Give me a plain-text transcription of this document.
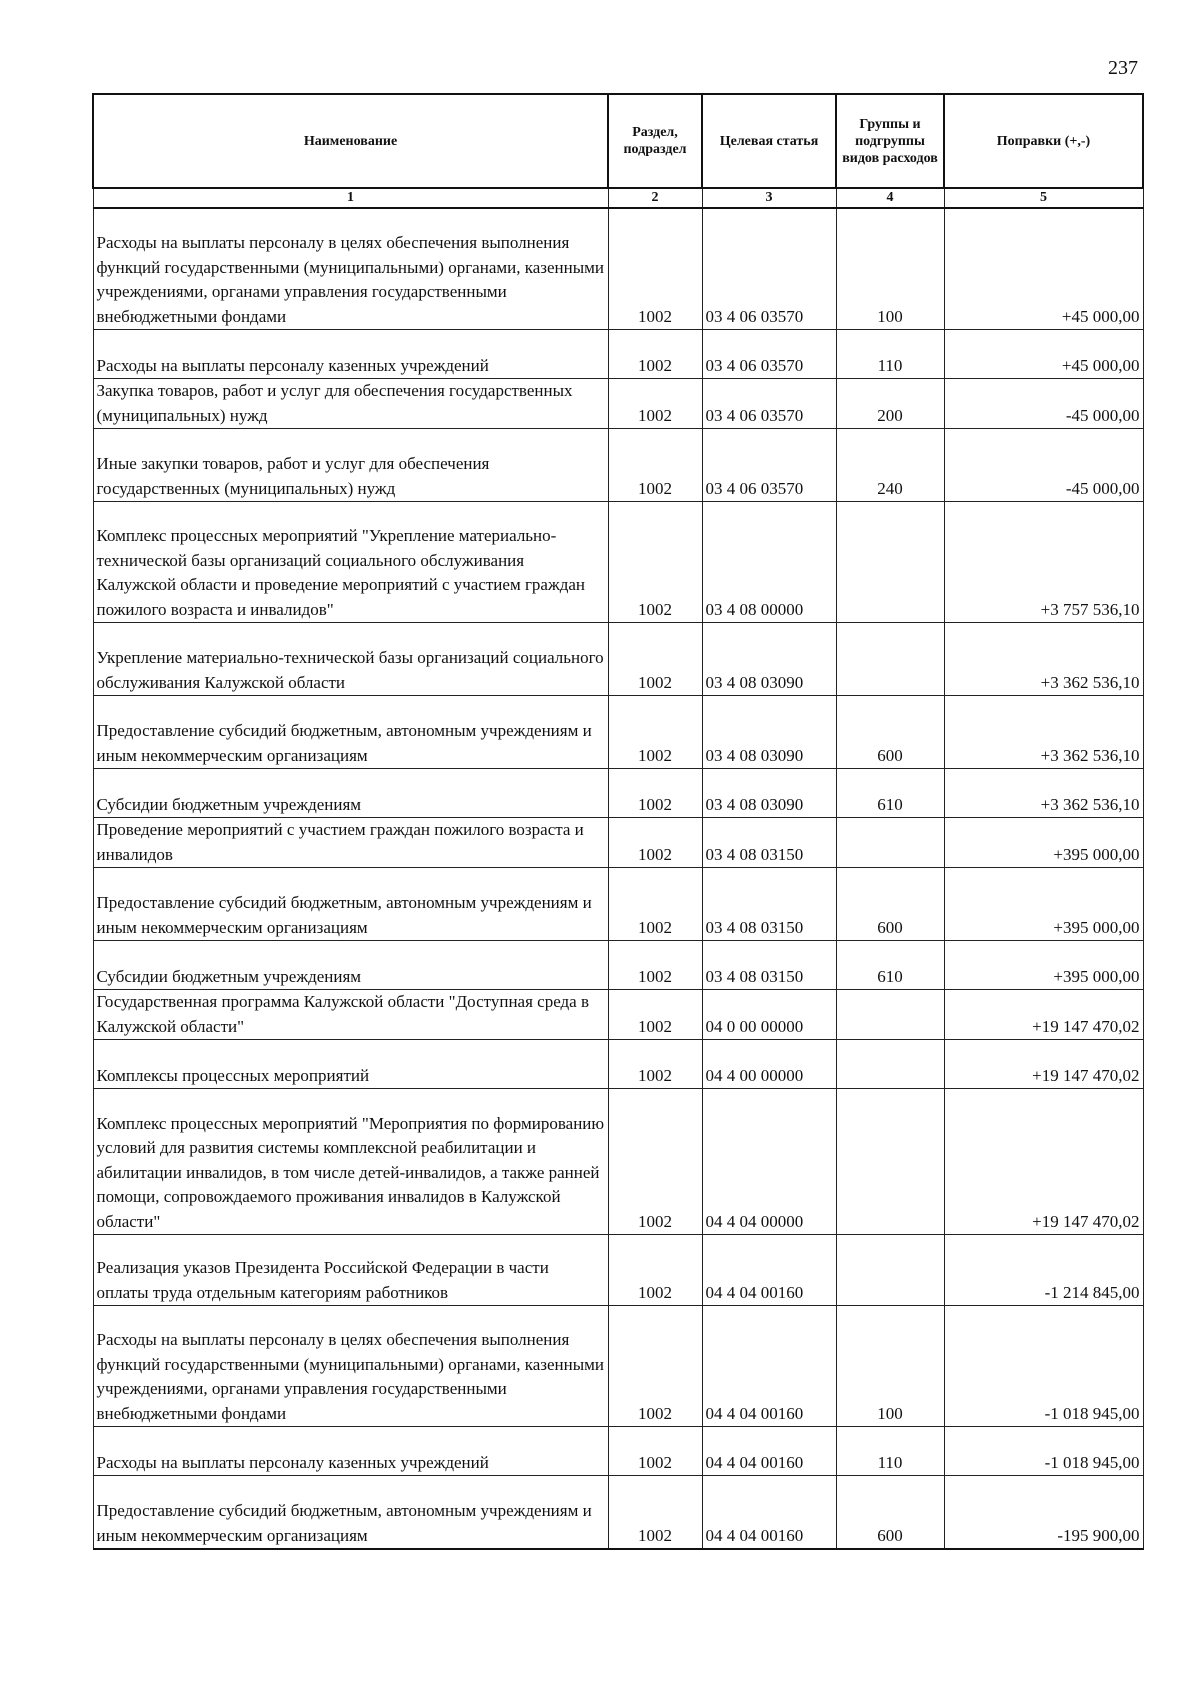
237
Наименование	Раздел, подраздел	Целевая статья	Группы и подгруппы видов расходов	Поправки (+,-)
1	2	3	4	5
Расходы на выплаты персоналу в целях обеспечения выполнения функций государственными (муниципальными) органами, казенными учреждениями, органами управления государственными внебюджетными фондами	1002	03 4 06 03570	100	+45 000,00
Расходы на выплаты персоналу казенных учреждений	1002	03 4 06 03570	110	+45 000,00
Закупка товаров, работ и услуг для обеспечения государственных (муниципальных) нужд	1002	03 4 06 03570	200	-45 000,00
Иные закупки товаров, работ и услуг для обеспечения государственных (муниципальных) нужд	1002	03 4 06 03570	240	-45 000,00
Комплекс процессных мероприятий "Укрепление материально-технической базы организаций социального обслуживания Калужской области и проведение мероприятий с участием граждан пожилого возраста и инвалидов"	1002	03 4 08 00000		+3 757 536,10
Укрепление материально-технической базы организаций социального обслуживания Калужской области	1002	03 4 08 03090		+3 362 536,10
Предоставление субсидий бюджетным, автономным учреждениям и иным некоммерческим организациям	1002	03 4 08 03090	600	+3 362 536,10
Субсидии бюджетным учреждениям	1002	03 4 08 03090	610	+3 362 536,10
Проведение мероприятий с участием граждан пожилого возраста и инвалидов	1002	03 4 08 03150		+395 000,00
Предоставление субсидий бюджетным, автономным учреждениям и иным некоммерческим организациям	1002	03 4 08 03150	600	+395 000,00
Субсидии бюджетным учреждениям	1002	03 4 08 03150	610	+395 000,00
Государственная программа Калужской области "Доступная среда в Калужской области"	1002	04 0 00 00000		+19 147 470,02
Комплексы процессных мероприятий	1002	04 4 00 00000		+19 147 470,02
Комплекс процессных мероприятий "Мероприятия по формированию условий для развития системы комплексной реабилитации и абилитации инвалидов, в том числе детей-инвалидов, а также ранней помощи, сопровождаемого проживания инвалидов в Калужской области"	1002	04 4 04 00000		+19 147 470,02
Реализация указов Президента Российской Федерации в части оплаты труда отдельным категориям работников	1002	04 4 04 00160		-1 214 845,00
Расходы на выплаты персоналу в целях обеспечения выполнения функций государственными (муниципальными) органами, казенными учреждениями, органами управления государственными внебюджетными фондами	1002	04 4 04 00160	100	-1 018 945,00
Расходы на выплаты персоналу казенных учреждений	1002	04 4 04 00160	110	-1 018 945,00
Предоставление субсидий бюджетным, автономным учреждениям и иным некоммерческим организациям	1002	04 4 04 00160	600	-195 900,00
